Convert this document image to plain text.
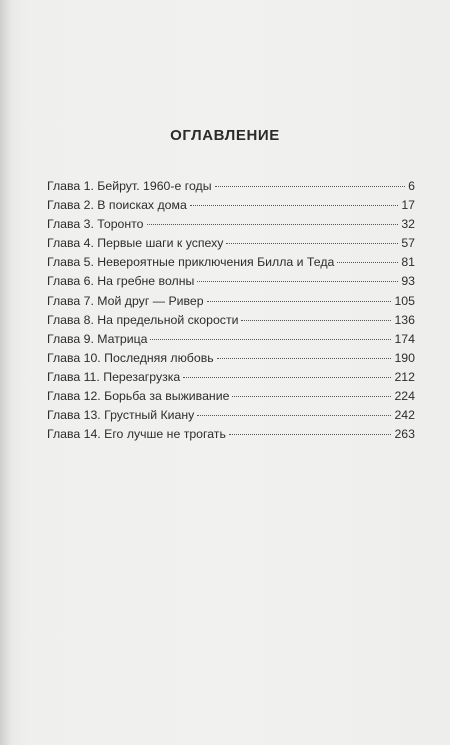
ОГЛАВЛЕНИЕ
Глава 1. Бейрут. 1960-е годы	6
Глава 2. В поисках дома	17
Глава 3. Торонто	32
Глава 4. Первые шаги к успеху	57
Глава 5. Невероятные приключения Билла и Теда	81
Глава 6. На гребне волны	93
Глава 7. Мой друг — Ривер	105
Глава 8. На предельной скорости	136
Глава 9. Матрица	174
Глава 10. Последняя любовь	190
Глава 11. Перезагрузка	212
Глава 12. Борьба за выживание	224
Глава 13. Грустный Киану	242
Глава 14. Его лучше не трогать	263
